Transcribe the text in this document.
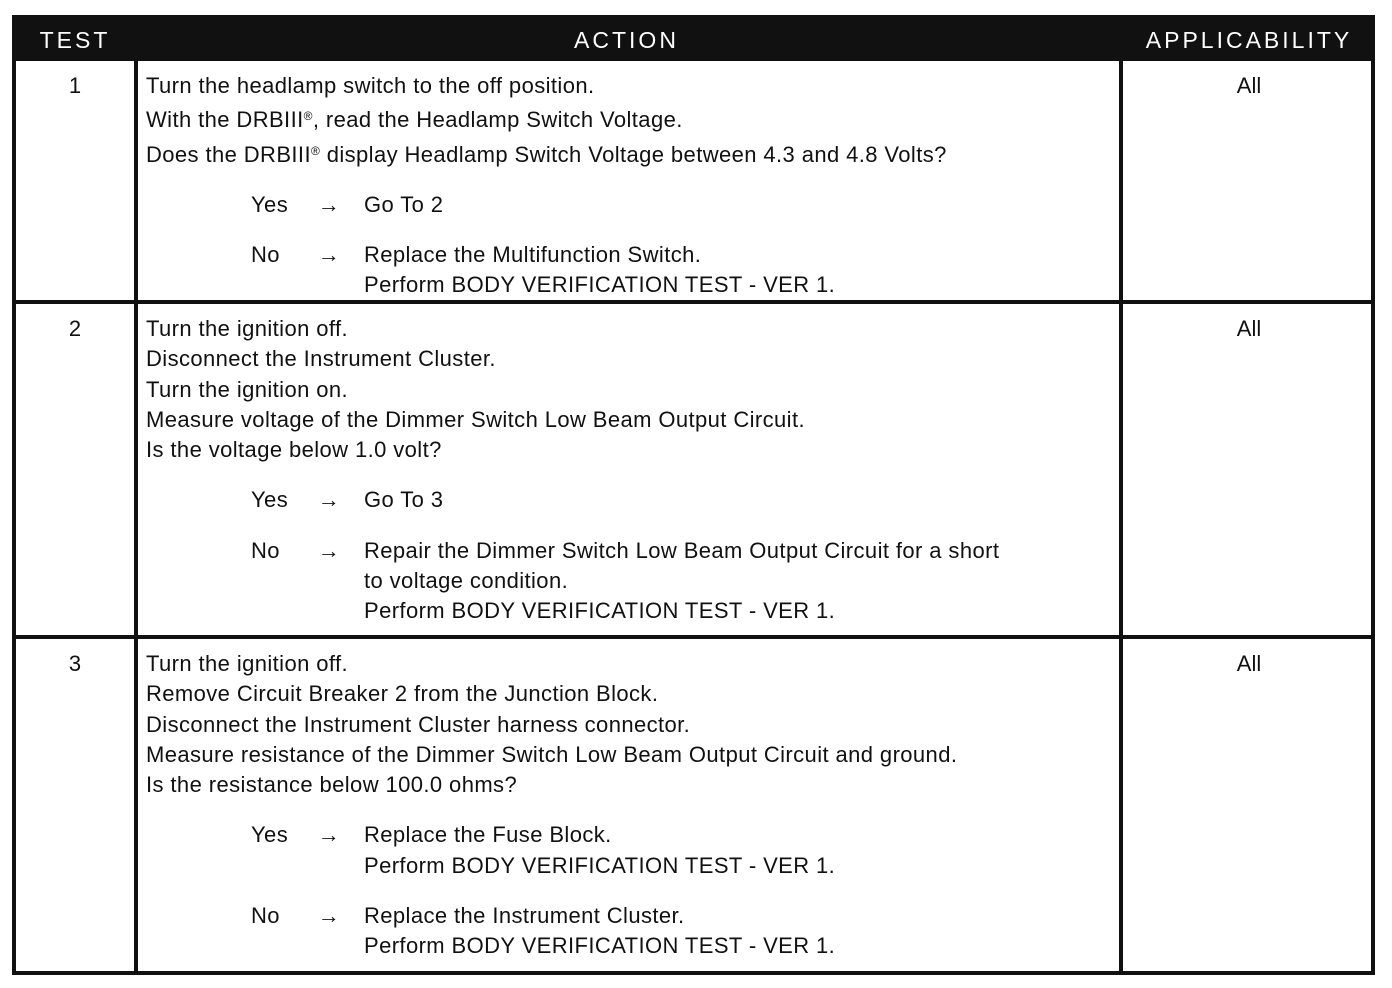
TEST	ACTION	APPLICABILITY
1	Turn the headlamp switch to the off position.
With the DRBIII®, read the Headlamp Switch Voltage.
Does the DRBIII® display Headlamp Switch Voltage between 4.3 and 4.8 Volts?
Yes	→ Go To 2
No	→ Replace the Multifunction Switch.
Perform BODY VERIFICATION TEST - VER 1.
All
2	Turn the ignition off.
Disconnect the Instrument Cluster.
Turn the ignition on.
Measure voltage of the Dimmer Switch Low Beam Output Circuit.
Is the voltage below 1.0 volt?
Yes	→ Go To 3
No	→ Repair the Dimmer Switch Low Beam Output Circuit for a short
to voltage condition.
Perform BODY VERIFICATION TEST - VER 1.
All
3	Turn the ignition off.
Remove Circuit Breaker 2 from the Junction Block.
Disconnect the Instrument Cluster harness connector.
Measure resistance of the Dimmer Switch Low Beam Output Circuit and ground.
Is the resistance below 100.0 ohms?
Yes	→ Replace the Fuse Block.
Perform BODY VERIFICATION TEST - VER 1.
No	→ Replace the Instrument Cluster.
Perform BODY VERIFICATION TEST - VER 1.
All
